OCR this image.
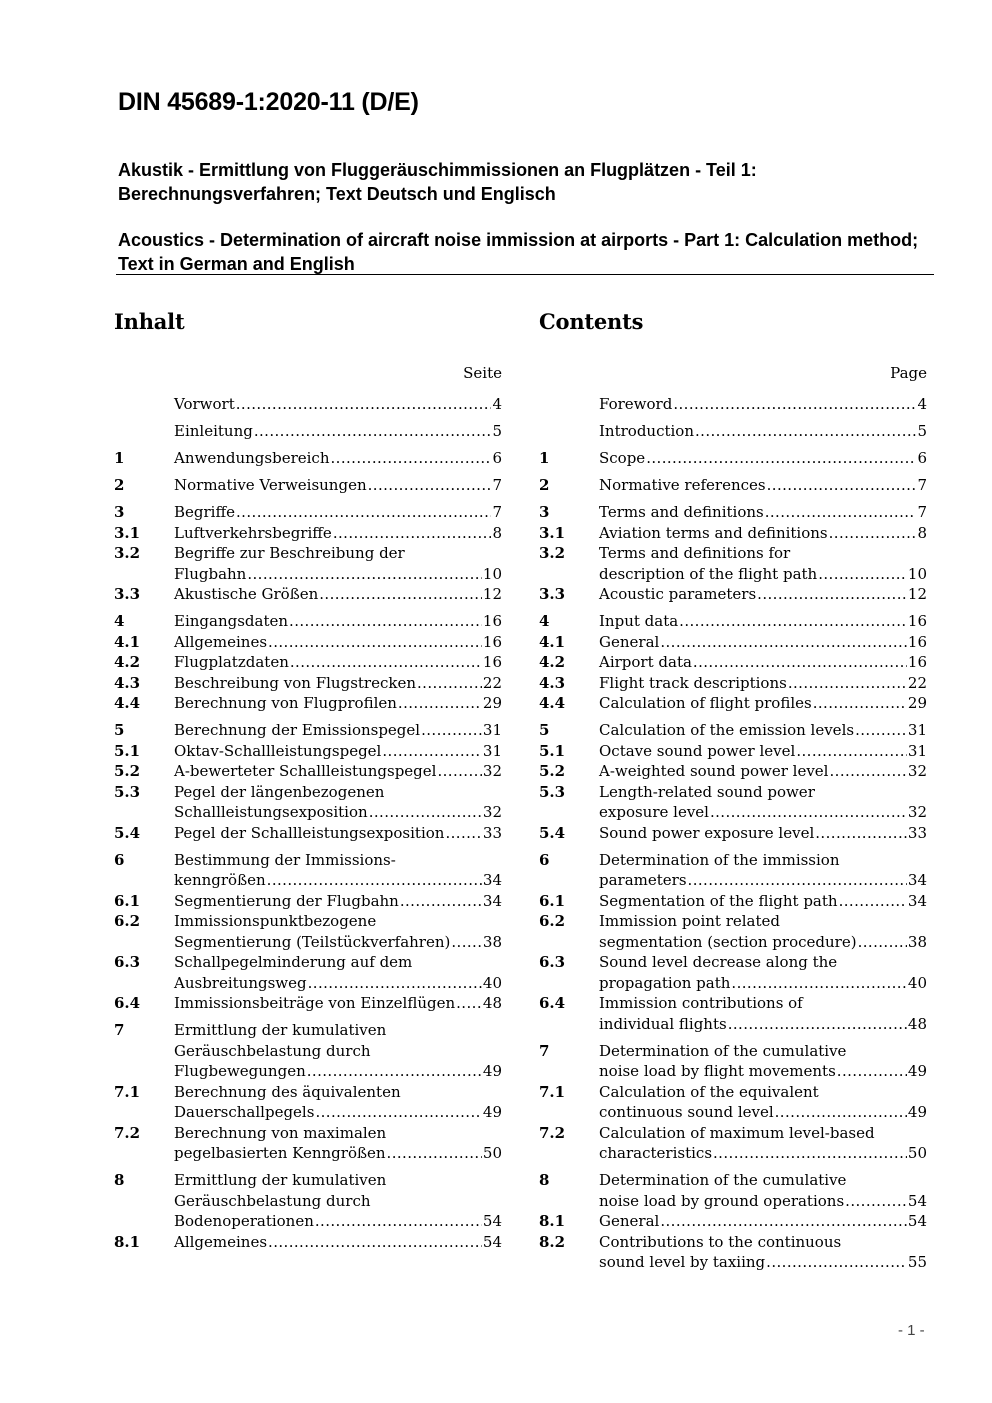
DIN 45689-1:2020-11 (D/E)

Akustik - Ermittlung von Fluggeräuschimmissionen an Flugplätzen - Teil 1: Berechnungsverfahren; Text Deutsch und Englisch

Acoustics - Determination of aircraft noise immission at airports - Part 1: Calculation method; Text in German and English

Inhalt
Seite
Vorwort .....	4
Einleitung .....	5
1	Anwendungsbereich .....	6
2	Normative Verweisungen .....	7
3	Begriffe .....	7
3.1	Luftverkehrsbegriffe .....	8
3.2	Begriffe zur Beschreibung der
Flugbahn .....	10
3.3	Akustische Größen .....	12
4	Eingangsdaten .....	16
4.1	Allgemeines .....	16
4.2	Flugplatzdaten .....	16
4.3	Beschreibung von Flugstrecken .....	22
4.4	Berechnung von Flugprofilen .....	29
5	Berechnung der Emissionspegel .....	31
5.1	Oktav-Schallleistungspegel .....	31
5.2	A-bewerteter Schallleistungspegel .....	32
5.3	Pegel der längenbezogenen
Schallleistungsexposition .....	32
5.4	Pegel der Schallleistungsexposition .....	33
6	Bestimmung der Immissions-
kenngrößen .....	34
6.1	Segmentierung der Flugbahn .....	34
6.2	Immissionspunktbezogene
Segmentierung (Teilstückverfahren) ..... 38
6.3	Schallpegelminderung auf dem
Ausbreitungsweg .....	40
6.4	Immissionsbeiträge von Einzelflügen ..... 48
7	Ermittlung der kumulativen
Geräuschbelastung durch
Flugbewegungen .....	49
7.1	Berechnung des äquivalenten
Dauerschallpegels .....	49
7.2	Berechnung von maximalen
pegelbasierten Kenngrößen .....	50
8	Ermittlung der kumulativen
Geräuschbelastung durch
Bodenoperationen .....	54
8.1	Allgemeines .....	54
Contents
Page
Foreword .....	4
Introduction .....	5
1	Scope .....	6
2	Normative references .....	7
3	Terms and definitions .....	7
3.1	Aviation terms and definitions .....	8
3.2	Terms and definitions for
description of the flight path .....	10
3.3	Acoustic parameters .....	12
4	Input data .....	16
4.1	General .....	16
4.2	Airport data .....	16
4.3	Flight track descriptions .....	22
4.4	Calculation of flight profiles .....	29
5	Calculation of the emission levels .....	31
5.1	Octave sound power level .....	31
5.2	A-weighted sound power level .....	32
5.3	Length-related sound power
exposure level .....	32
5.4	Sound power exposure level .....	33
6	Determination of the immission
parameters .....	34
6.1	Segmentation of the flight path .....	34
6.2	Immission point related
segmentation (section procedure) .....	38
6.3	Sound level decrease along the
propagation path .....	40
6.4	Immission contributions of
individual flights .....	48
7	Determination of the cumulative
noise load by flight movements .....	49
7.1	Calculation of the equivalent
continuous sound level .....	49
7.2	Calculation of maximum level-based
characteristics .....	50
8	Determination of the cumulative
noise load by ground operations .....	54
8.1	General .....	54
8.2	Contributions to the continuous
sound level by taxiing .....	55
- 1 -
